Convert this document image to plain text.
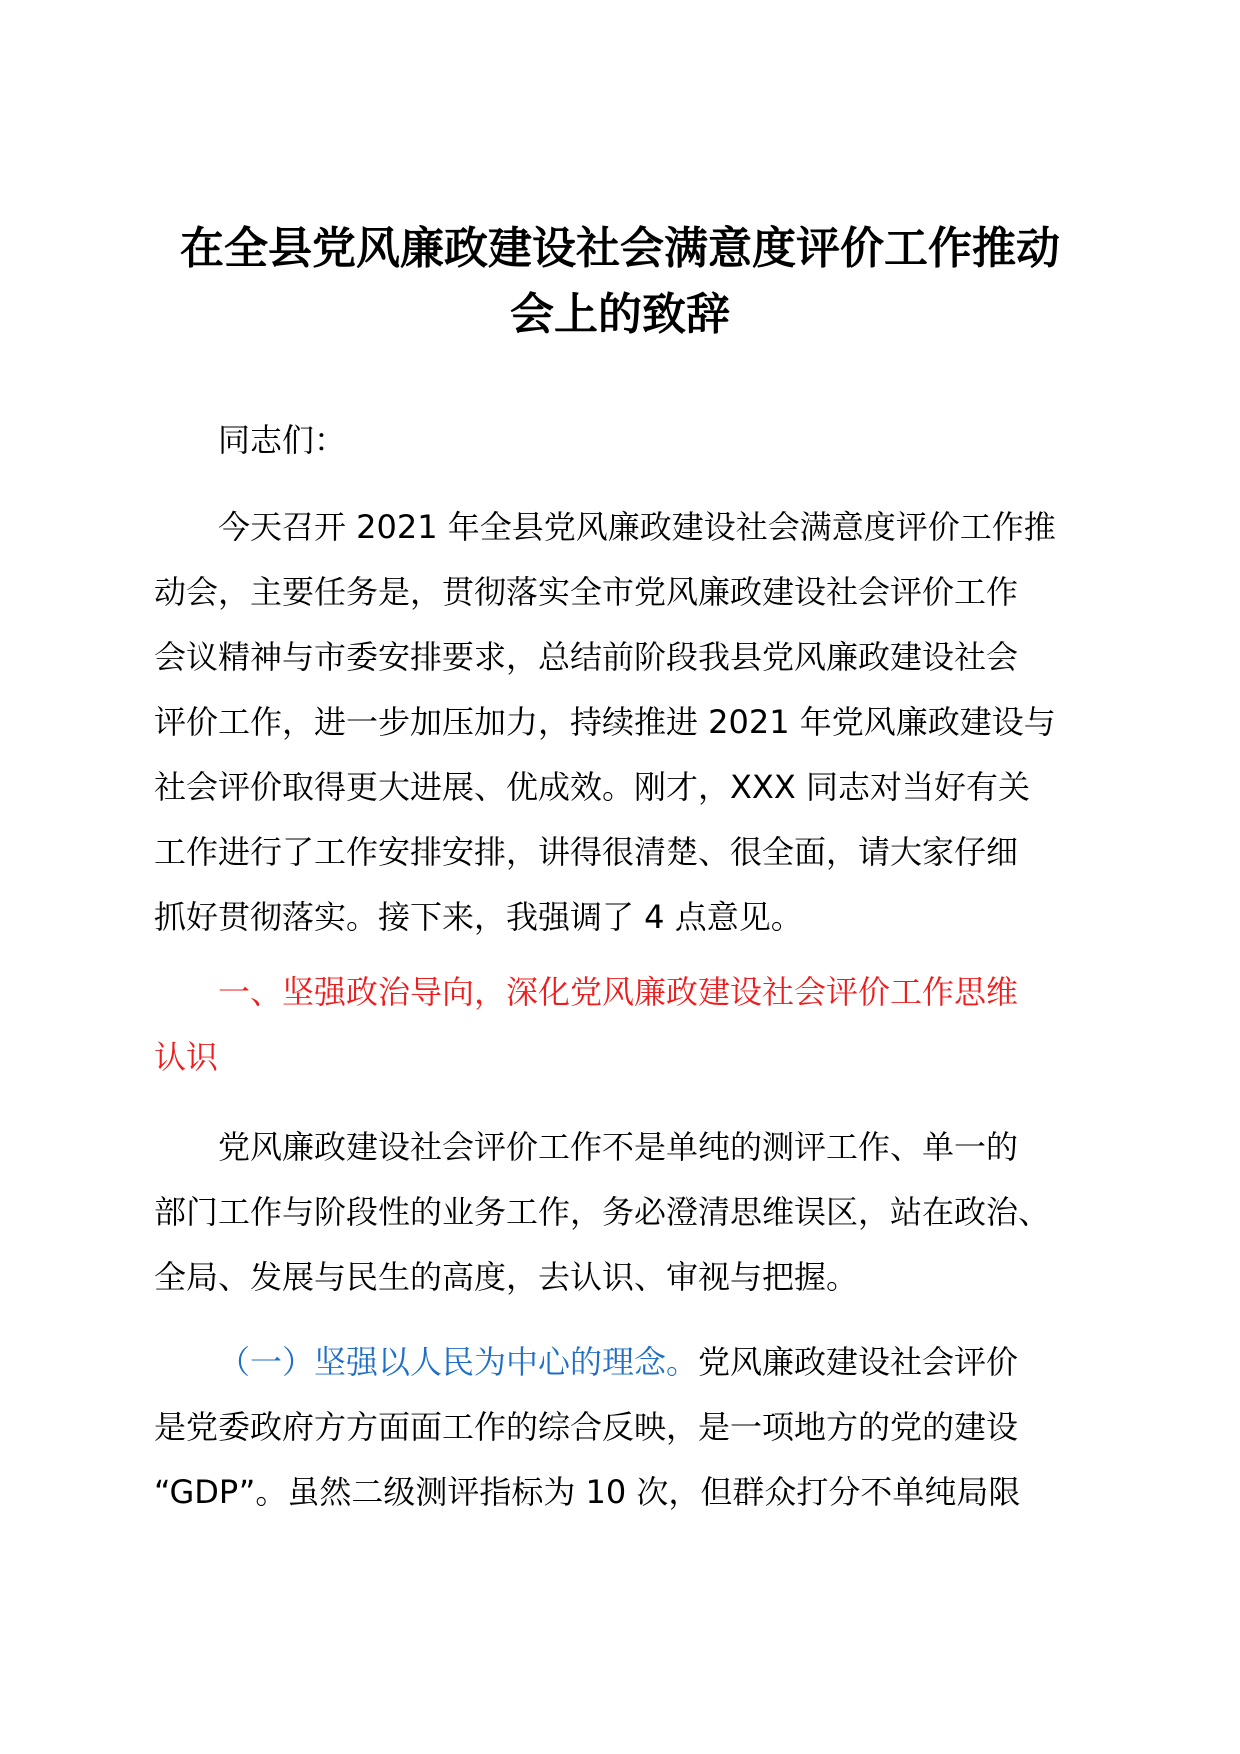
在全县党风廉政建设社会满意度评价工作推动
会上的致辞

同志们：

今天召开 2021 年全县党风廉政建设社会满意度评价工作推
动会，主要任务是，贯彻落实全市党风廉政建设社会评价工作
会议精神与市委安排要求，总结前阶段我县党风廉政建设社会
评价工作，进一步加压加力，持续推进 2021 年党风廉政建设与
社会评价取得更大进展、优成效。刚才，XXX 同志对当好有关
工作进行了工作安排安排，讲得很清楚、很全面，请大家仔细
抓好贯彻落实。接下来，我强调了 4 点意见。

一、坚强政治导向，深化党风廉政建设社会评价工作思维
认识

党风廉政建设社会评价工作不是单纯的测评工作、单一的
部门工作与阶段性的业务工作，务必澄清思维误区，站在政治、
全局、发展与民生的高度，去认识、审视与把握。

（一）坚强以人民为中心的理念。党风廉政建设社会评价
是党委政府方方面面工作的综合反映，是一项地方的党的建设
“GDP”。虽然二级测评指标为 10 次，但群众打分不单纯局限
